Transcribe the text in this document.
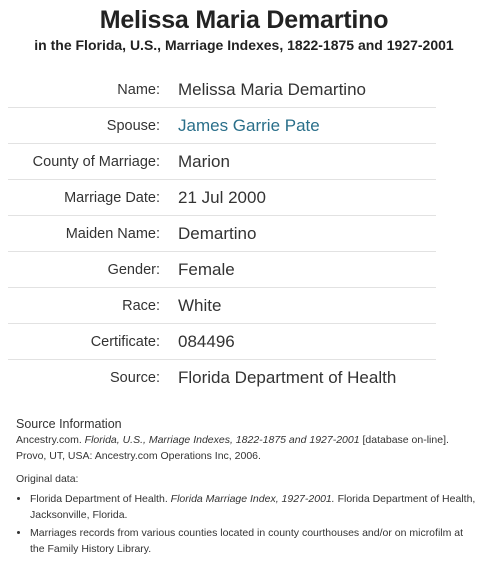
Melissa Maria Demartino
in the Florida, U.S., Marriage Indexes, 1822-1875 and 1927-2001
Name:	Melissa Maria Demartino
Spouse:	James Garrie Pate
County of Marriage:	Marion
Marriage Date:	21 Jul 2000
Maiden Name:	Demartino
Gender:	Female
Race:	White
Certificate:	084496
Source:	Florida Department of Health
Source Information
Ancestry.com. Florida, U.S., Marriage Indexes, 1822-1875 and 1927-2001 [database on-line]. Provo, UT, USA: Ancestry.com Operations Inc, 2006.
Original data:
• Florida Department of Health. Florida Marriage Index, 1927-2001. Florida Department of Health, Jacksonville, Florida.
• Marriages records from various counties located in county courthouses and/or on microfilm at the Family History Library.
